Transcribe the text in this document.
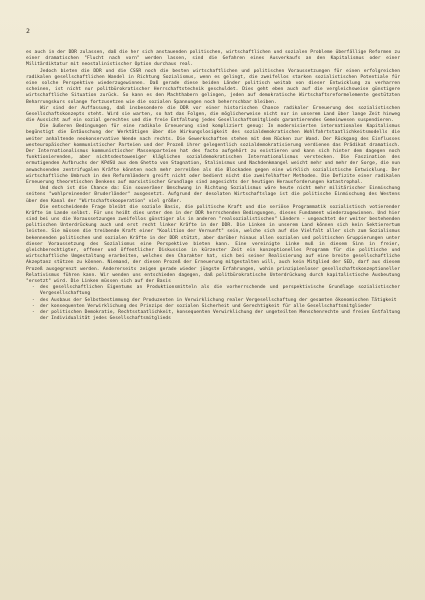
2

es auch in der DDR zulassen, daß die her sich anstauenden politischen, wirtschaftlichen und sozialen Probleme überfällige Reformen zu einer dramatischen "Flucht nach vorn" werden lassen, sind die Gefahren eines Ausverkaufs an den Kapitalismus oder einer Militärdiktatur mit neostalinistischer Option durchaus real.

Jedoch bieten die DDR und die CSSR noch die besten wirtschaftlichen und politischen Voraussetzungen für einen erfolgreichen radikalen gesellschaftlichen Wandel in Richtung Sozialismus, wenn es gelingt, die zweifellos starken sozialistischen Potentiale für eine solche Perspektive wiederzugewinnen. Daß gerade diese beiden Länder politisch weitab von dieser Entwicklung zu verharren scheinen, ist nicht nur politbürokratischer Herrschaftstechnik geschuldet. Dies geht eben auch auf die vergleichsweise günstigere wirtschaftliche Situation zurück. So kann es den Machthabern gelingen, jeden auf demokratische Wirtschaftsreformelemente gestützten Beharrungskurs solange fortzusetzen wie die sozialen Spannungen noch beherrschbar bleiben.

Wir sind der Auffassung, daß insbesondere die DDR vor einer historischen Chance radikaler Erneuerung des sozialistischen Gesellschaftskonzepts steht. Wird sie warten, so hat das Folgen, die möglicherweise nicht nur in unserem Land über lange Zeit hinweg die Aussicht auf ein sozial gerechtes und die freie Entfaltung jedes Gesellschaftsmitglieds garantierendes Gemeinwesen suspendieren.

Die äußeren Bedingungen für eine radikale Erneuerung sind kompliziert genug: In modernisierten internationalen Kapitalismus begünstigt die Entäuschung der Werktätigen über die Wirkungslosigkeit des sozialdemokratischen Wohlfahrtstaatlichkeitsmodells die weiter anhaltende neokonservative Wende nach rechts. Die Gewerkschaften stehen mit dem Rücken zur Wand. Der Rückgang des Einflusses westeuropäischer kommunistischer Parteien und der Prozeß ihrer gelegentlich sozialdemokratisierung verdienen das Prädikat dramatisch. Der Internationalismus kommunistischer Massenparteien hat des facto aufgehört zu existieren und kann sich hinter dem dagegen noch funktionierenden, aber nichtsdestoweniger kläglichen sozialdemokratischen Internationalismus verstecken. Die Faszination des ermutigenden Aufbruchs der KPdSU aus dem Ghetto von Stagnation, Stalinismus und Nachdenkmangel weicht mehr und mehr der Sorge, die nun anwachsenden zentrifugalen Kräfte könnten noch mehr zerreißen als die Blockaden gegen eine wirklich sozialistische Entwicklung. Der wirtschaftliche Umbruch in den Reformländern greift nicht oder bedient nicht die zweifelhafter Methoden. Die Defizite einer radikalen Erneuerung theoretischen Denkens auf marxistischer Grundlage sind angesichts der heutigen Herausforderungen katastrophal.

Und doch ist die Chance da: Ein souveräner Umschwung in Richtung Sozialismus wäre heute nicht mehr militärischer Einmischung seitens "wohlpreinender Bruderländer" ausgesetzt. Aufgrund der desolaten Wirtschaftslage ist die politische Einmischung des Westens über den Kanal der "Wirtschaftskooperation" viel größer.

Die entscheidende Frage bleibt die soziale Basis, die politische Kraft und die seriöse Programmatik sozialistisch votierender Kräfte im Lande selbst. Für uns heißt dies unter den in der DDR herrschenden Bedingungen, dieses Fundament wiederzugewinnen. Und hier sind bei uns die Voraussetzungen zweifellos günstiger als in anderen "realsozialistischen" Ländern - ungeachtet der weiter bestehenden politischen Unterdrückung auch und erst recht linker Kräfte in der DDR. Die Linken in unserem Land können sich kein Sektierertum leisten. Sie müssen die treibende Kraft einer "Koalition der Vernunft" sein, welche sich auf die Vielfalt aller sich zum Sozialismus bekennenden politischen und sozialen Kräfte in der DDR stützt, aber darüber hinaus allen sozialen und politischen Gruppierungen unter dieser Voraussetzung des Sozialismus eine Perspektive bieten kann. Eine vereinigte Linke muß in diesem Sinn in freier, gleichberechtigter, offener und öffentlicher Diskussion in kürzester Zeit ein konzeptionelles Programm für die politische und wirtschaftliche Umgestaltung erarbeiten, welches den Charakter hat, sich bei seiner Realisierung auf eine breite gesellschaftliche Akzeptanz stützen zu können. Niemand, der diesen Prozeß der Erneuerung mitgestalten will, auch kein Mitglied der SED, darf aus diesem Prozeß ausgegrenzt werden. Andererseits zeigen gerade wieder jüngste Erfahrungen, wohin prinzipienloser gesellschaftskonzeptioneller Relativismus führen kann. Wir wenden uns entschieden dagegen, daß politbürokratische Unterdrückung durch kapitalistische Ausbeutung "ersetzt" wird. Die Linken müssen sich auf der Basis

- des gesellschaftlichen Eigentums an Produktionsmitteln als die vorherrschende und perspektivische Grundlage sozialistischer Vergesellschaftung
- des Ausbaus der Selbstbestimmung der Produzenten in Verwirklichung realer Vergesellschaftung der gesamten ökonomischen Tätigkeit
- der konsequenten Verwirklichung des Prinzips der sozialen Sicherheit und Gerechtigkeit für alle Gesellschaftsmitglieder
- der politischen Demokratie, Rechtsstaatlichkeit, konsequenten Verwirklichung der ungeteilten Menschenrechte und freien Entfaltung der Individualität jedes Gesellschaftsmitglieds
